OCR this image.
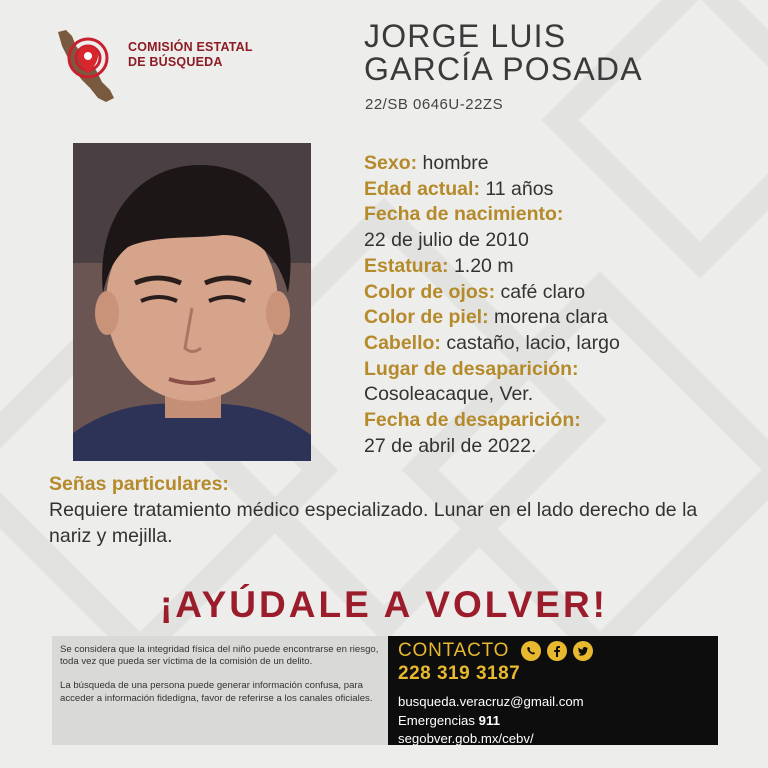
COMISIÓN ESTATAL
DE BÚSQUEDA
JORGE LUIS
GARCÍA POSADA
22/SB 0646U-22ZS
Sexo: hombre
Edad actual: 11 años
Fecha de nacimiento:
22 de julio de 2010
Estatura: 1.20 m
Color de ojos: café claro
Color de piel: morena clara
Cabello: castaño, lacio, largo
Lugar de desaparición:
Cosoleacaque, Ver.
Fecha de desaparición:
27 de abril de 2022.
Señas particulares:
Requiere tratamiento médico especializado. Lunar en el lado derecho de la nariz y mejilla.
¡AYÚDALE A VOLVER!

Se considera que la integridad física del niño puede encontrarse en riesgo, toda vez que pueda ser víctima de la comisión de un delito.

La búsqueda de una persona puede generar información confusa, para acceder a información fidedigna, favor de referirse a los canales oficiales.

CONTACTO
228 319 3187
busqueda.veracruz@gmail.com
Emergencias 911
segobver.gob.mx/cebv/
